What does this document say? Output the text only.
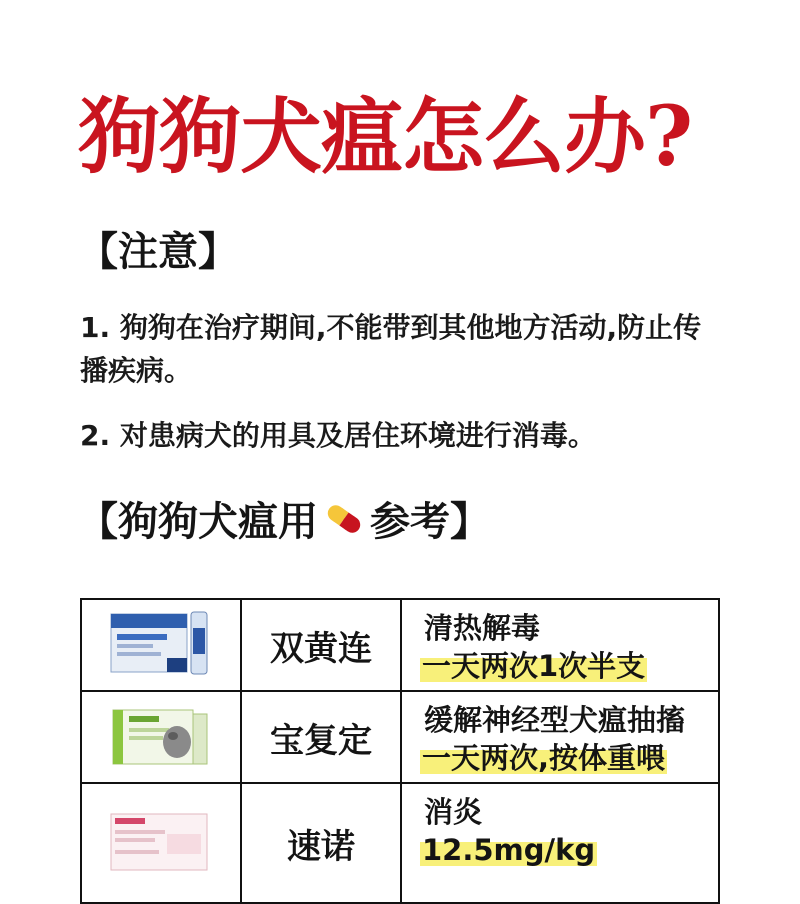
狗狗犬瘟怎么办?
【注意】
1. 狗狗在治疗期间,不能带到其他地方活动,防止传播疾病。
2. 对患病犬的用具及居住环境进行消毒。
【狗狗犬瘟用 参考】
	双黄连	清热解毒
一天两次1次半支
	宝复定	缓解神经型犬瘟抽搐
一天两次,按体重喂
	速诺	消炎
12.5mg/kg
